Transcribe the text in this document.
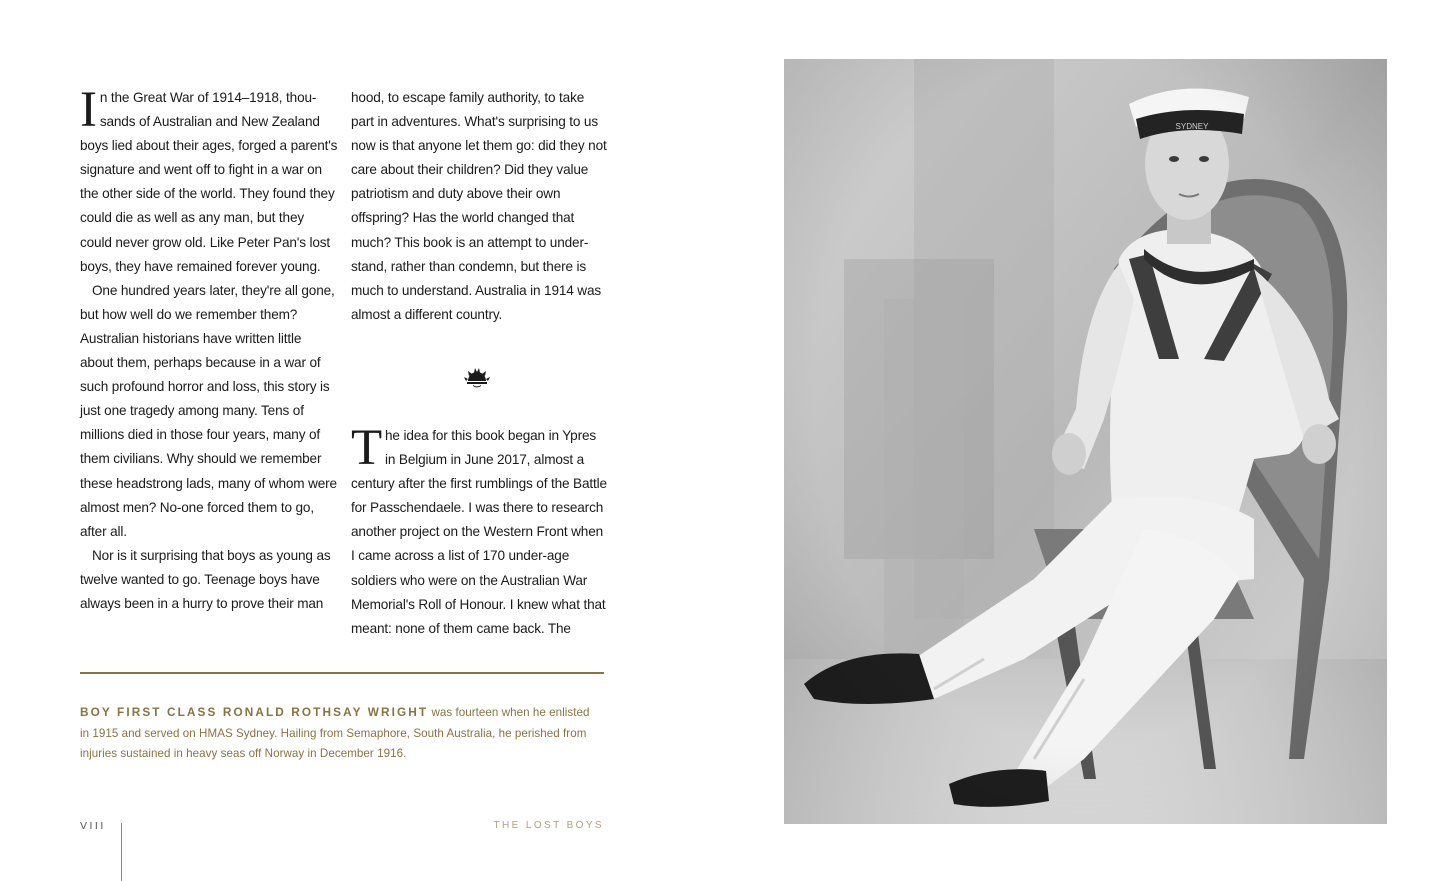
In the Great War of 1914–1918, thousands of Australian and New Zealand boys lied about their ages, forged a parent's signature and went off to fight in a war on the other side of the world. They found they could die as well as any man, but they could never grow old. Like Peter Pan's lost boys, they have remained forever young.

One hundred years later, they're all gone, but how well do we remember them? Australian historians have written little about them, perhaps because in a war of such profound horror and loss, this story is just one tragedy among many. Tens of millions died in those four years, many of them civilians. Why should we remember these headstrong lads, many of whom were almost men? No-one forced them to go, after all.

Nor is it surprising that boys as young as twelve wanted to go. Teenage boys have always been in a hurry to prove their man

hood, to escape family authority, to take part in adventures. What's surprising to us now is that anyone let them go: did they not care about their children? Did they value patriotism and duty above their own offspring? Has the world changed that much? This book is an attempt to understand, rather than condemn, but there is much to understand. Australia in 1914 was almost a different country.

The idea for this book began in Ypres in Belgium in June 2017, almost a century after the first rumblings of the Battle for Passchendaele. I was there to research another project on the Western Front when I came across a list of 170 under-age soldiers who were on the Australian War Memorial's Roll of Honour. I knew what that meant: none of them came back. The

BOY FIRST CLASS RONALD ROTHSAY WRIGHT was fourteen when he enlisted in 1915 and served on HMAS Sydney. Hailing from Semaphore, South Australia, he perished from injuries sustained in heavy seas off Norway in December 1916.
VIII	THE LOST BOYS
